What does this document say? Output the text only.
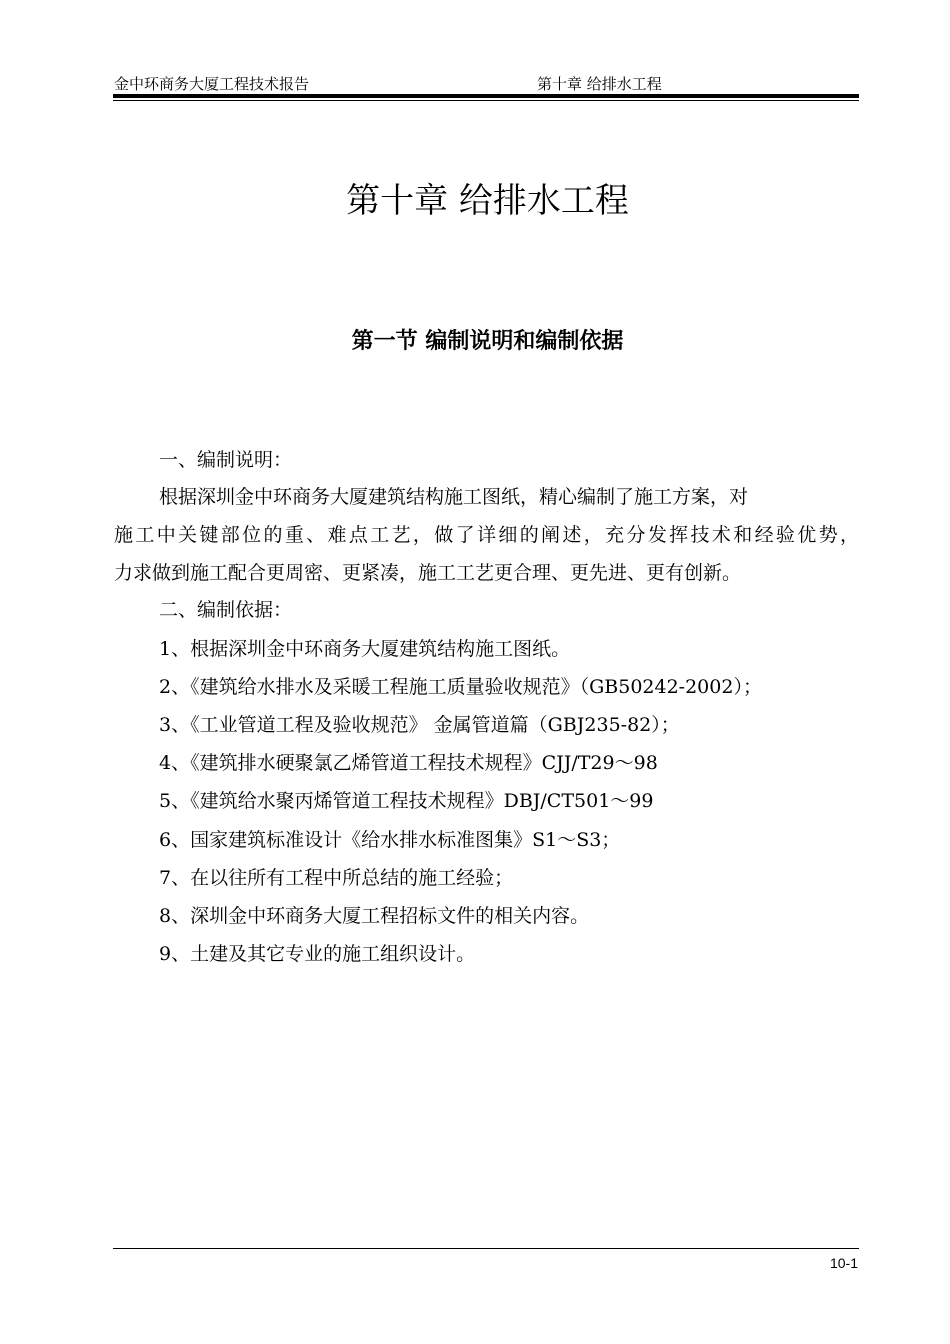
金中环商务大厦工程技术报告	第十章 给排水工程
第十章 给排水工程
第一节 编制说明和编制依据
一、编制说明：
根据深圳金中环商务大厦建筑结构施工图纸，精心编制了施工方案，对
施工中关键部位的重、难点工艺，做了详细的阐述，充分发挥技术和经验优势，
力求做到施工配合更周密、更紧凑，施工工艺更合理、更先进、更有创新。
二、编制依据：
1、根据深圳金中环商务大厦建筑结构施工图纸。
2、《建筑给水排水及采暖工程施工质量验收规范》（GB50242-2002）；
3、《工业管道工程及验收规范》 金属管道篇（GBJ235-82）；
4、《建筑排水硬聚氯乙烯管道工程技术规程》CJJ/T29～98
5、《建筑给水聚丙烯管道工程技术规程》DBJ/CT501～99
6、国家建筑标准设计《给水排水标准图集》S1～S3；
7、在以往所有工程中所总结的施工经验；
8、深圳金中环商务大厦工程招标文件的相关内容。
9、土建及其它专业的施工组织设计。
10-1
